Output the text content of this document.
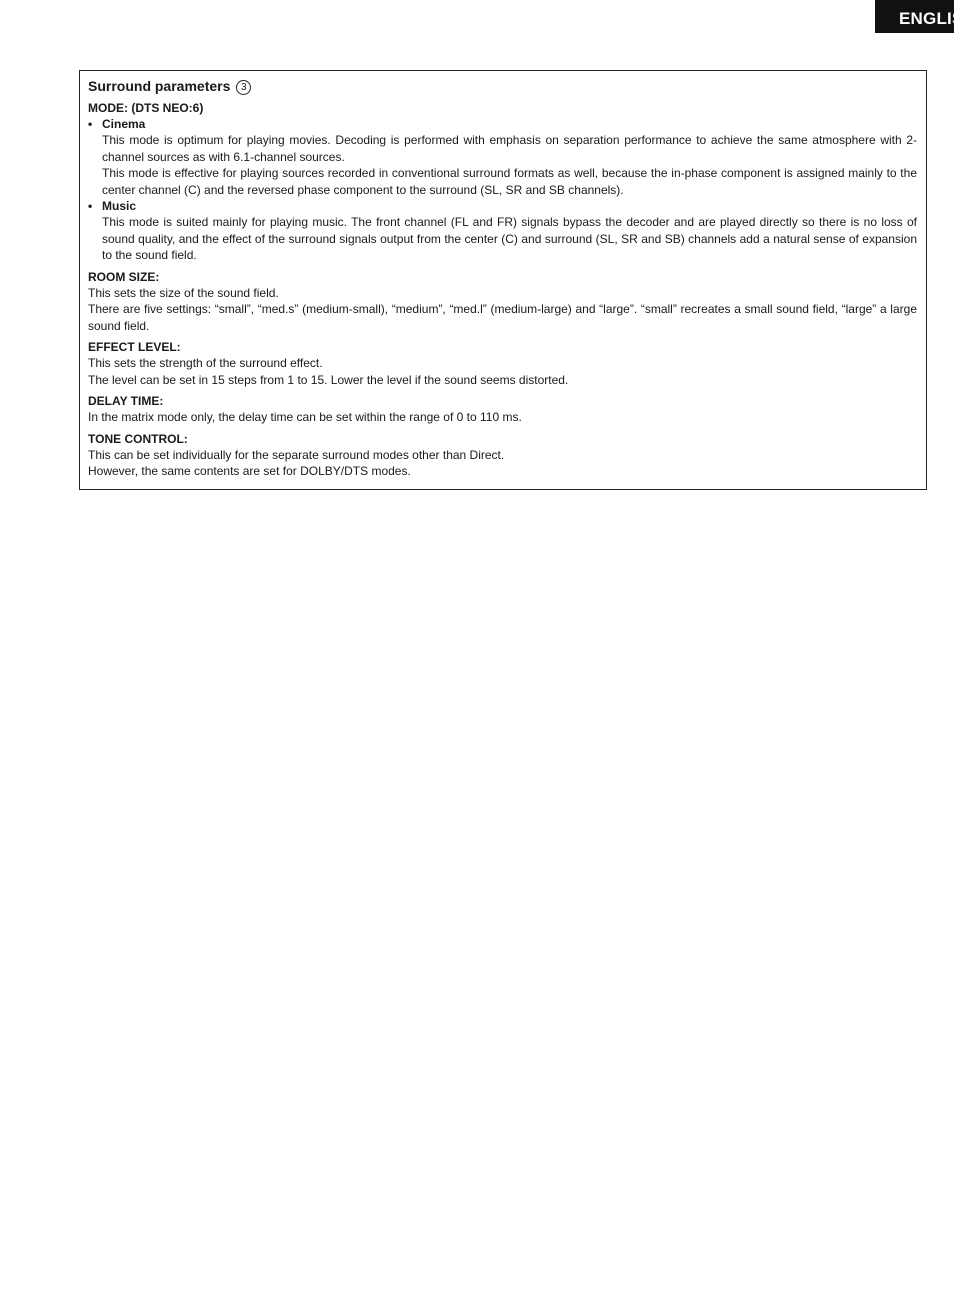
ENGLISH

Surround parameters 3

MODE: (DTS NEO:6)

• Cinema

This mode is optimum for playing movies. Decoding is performed with emphasis on separation performance to achieve the same atmosphere with 2-channel sources as with 6.1-channel sources.

This mode is effective for playing sources recorded in conventional surround formats as well, because the in-phase component is assigned mainly to the center channel (C) and the reversed phase component to the surround (SL, SR and SB channels).

• Music

This mode is suited mainly for playing music. The front channel (FL and FR) signals bypass the decoder and are played directly so there is no loss of sound quality, and the effect of the surround signals output from the center (C) and surround (SL, SR and SB) channels add a natural sense of expansion to the sound field.

ROOM SIZE:

This sets the size of the sound field.

There are five settings: “small”, “med.s” (medium-small), “medium”, “med.l” (medium-large) and “large”. “small” recreates a small sound field, “large” a large sound field.

EFFECT LEVEL:

This sets the strength of the surround effect.

The level can be set in 15 steps from 1 to 15. Lower the level if the sound seems distorted.

DELAY TIME:

In the matrix mode only, the delay time can be set within the range of 0 to 110 ms.

TONE CONTROL:

This can be set individually for the separate surround modes other than Direct.

However, the same contents are set for DOLBY/DTS modes.
